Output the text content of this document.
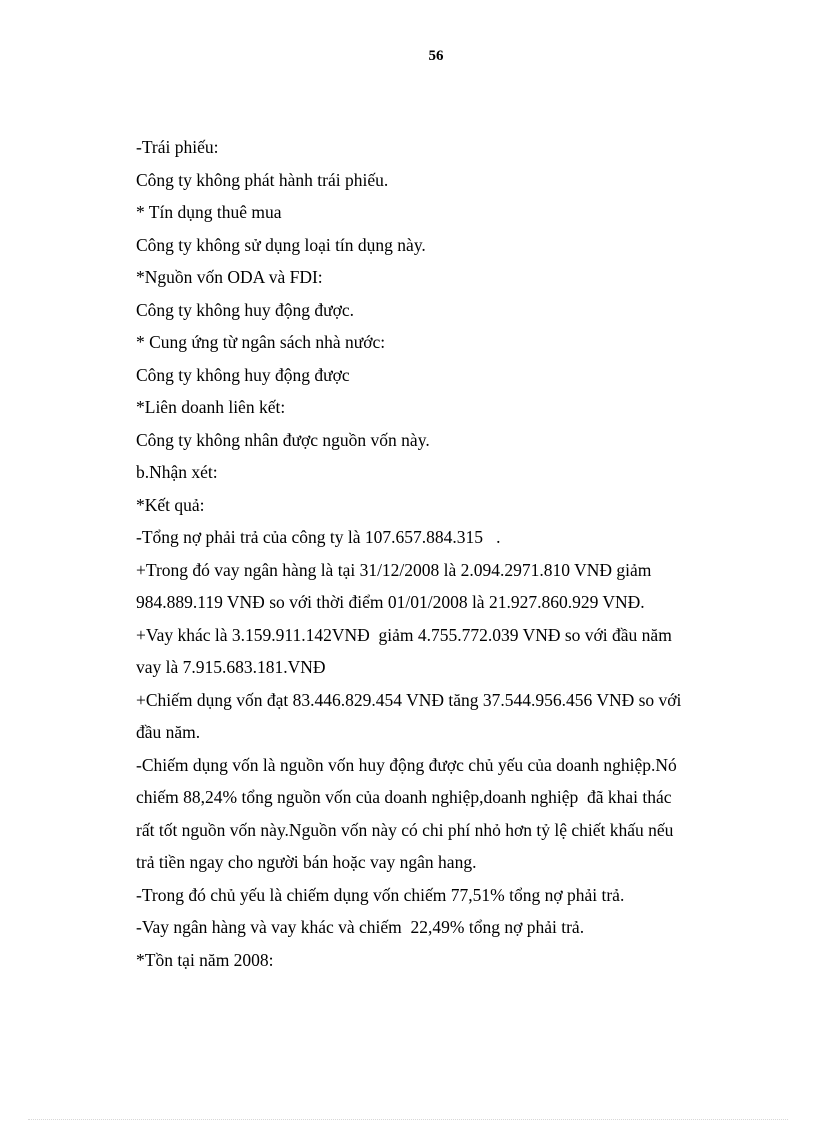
56
-Trái phiếu:
Công ty không phát hành trái phiếu.
* Tín dụng thuê mua
Công ty không sử dụng loại tín dụng này.
*Nguồn vốn ODA và FDI:
Công ty không huy động được.
* Cung ứng từ ngân sách nhà nước:
Công ty không huy động được
*Liên doanh liên kết:
Công ty không nhân được nguồn vốn này.
b.Nhận xét:
*Kết quả:
-Tổng nợ phải trả của công ty là 107.657.884.315   .
+Trong đó vay ngân hàng là tại 31/12/2008 là 2.094.2971.810 VNĐ giảm
984.889.119 VNĐ so với thời điểm 01/01/2008 là 21.927.860.929 VNĐ.
+Vay khác là 3.159.911.142VNĐ  giảm 4.755.772.039 VNĐ so với đầu năm
vay là 7.915.683.181.VNĐ
+Chiếm dụng vốn đạt 83.446.829.454 VNĐ tăng 37.544.956.456 VNĐ so với
đầu năm.
-Chiếm dụng vốn là nguồn vốn huy động được chủ yếu của doanh nghiệp.Nó
chiếm 88,24% tổng nguồn vốn của doanh nghiệp,doanh nghiệp  đã khai thác
rất tốt nguồn vốn này.Nguồn vốn này có chi phí nhỏ hơn tỷ lệ chiết khấu nếu
trả tiền ngay cho người bán hoặc vay ngân hang.
-Trong đó chủ yếu là chiếm dụng vốn chiếm 77,51% tổng nợ phải trả.
-Vay ngân hàng và vay khác và chiếm  22,49% tổng nợ phải trả.
*Tồn tại năm 2008:
